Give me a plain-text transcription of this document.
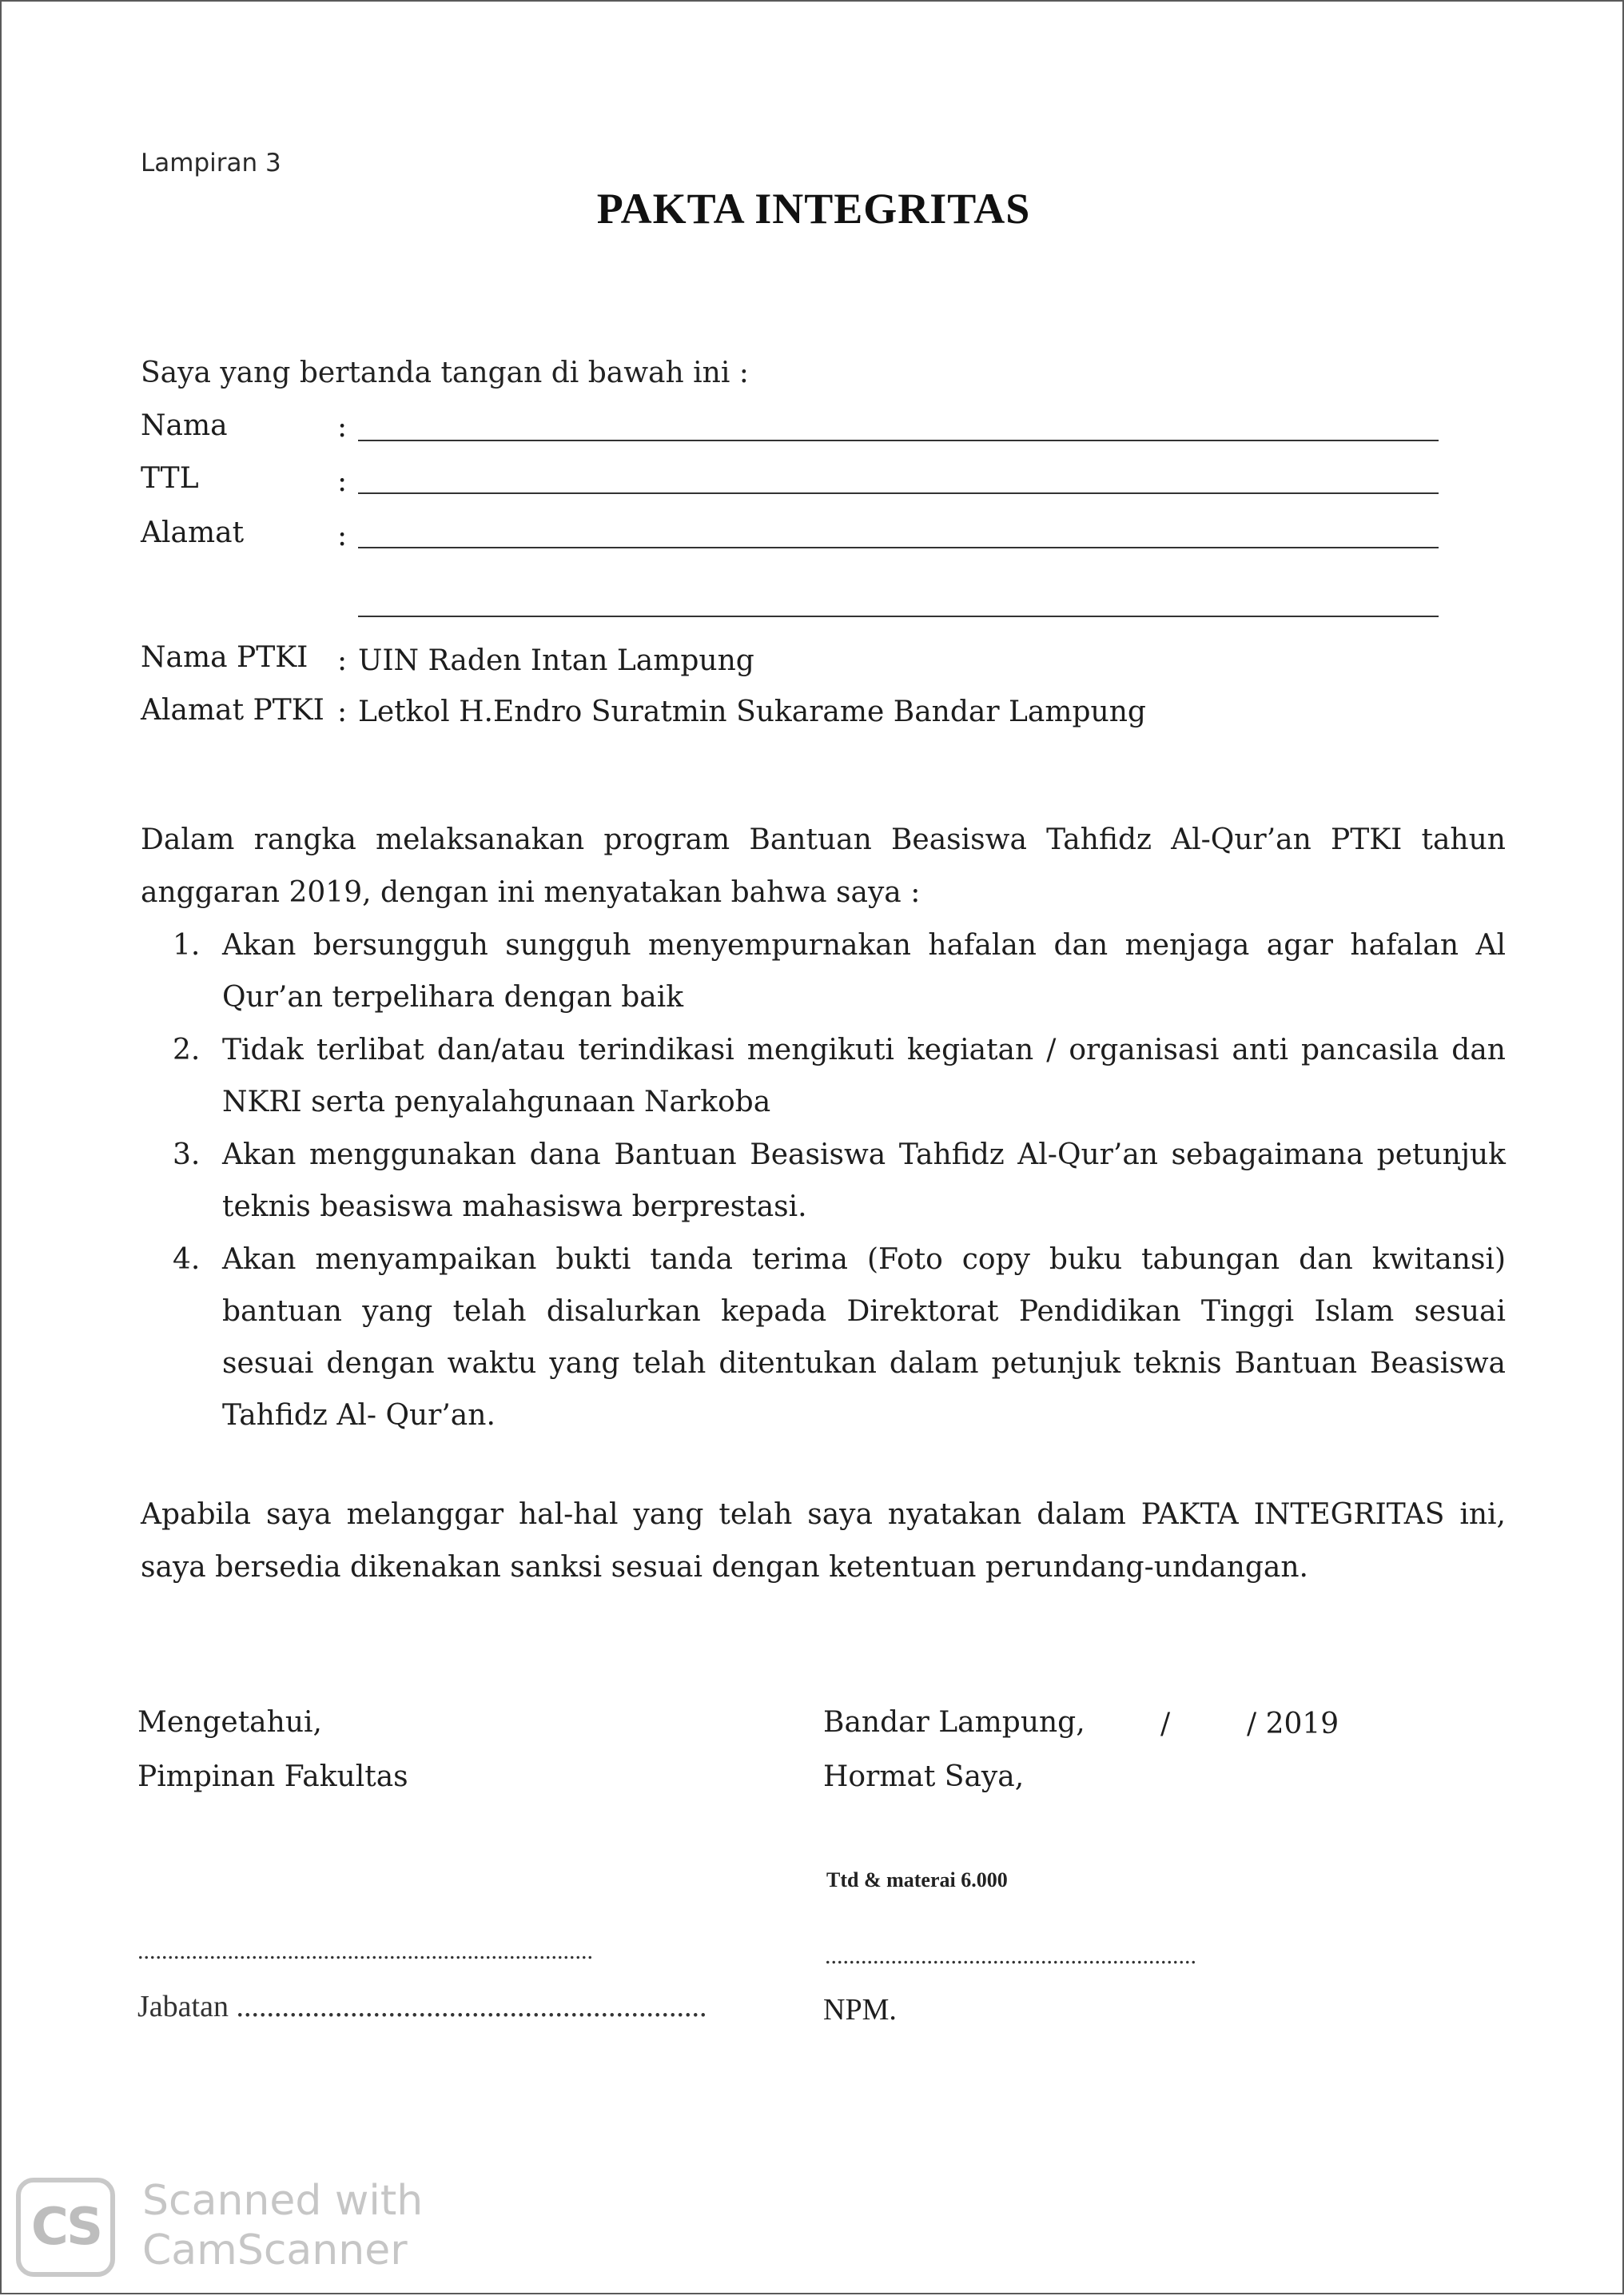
Lampiran 3
PAKTA INTEGRITAS
Saya yang bertanda tangan di bawah ini :
Nama	:
TTL	:
Alamat	:
Nama PTKI : UIN Raden Intan Lampung
Alamat PTKI : Letkol H.Endro Suratmin Sukarame Bandar Lampung
Dalam rangka melaksanakan program Bantuan Beasiswa Tahfidz Al-Qur’an PTKI tahun anggaran 2019, dengan ini menyatakan bahwa saya :
1. Akan bersungguh sungguh menyempurnakan hafalan dan menjaga agar hafalan Al Qur’an terpelihara dengan baik
2. Tidak terlibat dan/atau terindikasi mengikuti kegiatan / organisasi anti pancasila dan NKRI serta penyalahgunaan Narkoba
3. Akan menggunakan dana Bantuan Beasiswa Tahfidz Al-Qur’an sebagaimana petunjuk teknis beasiswa mahasiswa berprestasi.
4. Akan menyampaikan bukti tanda terima (Foto copy buku tabungan dan kwitansi) bantuan yang telah disalurkan kepada Direktorat Pendidikan Tinggi Islam sesuai sesuai dengan waktu yang telah ditentukan dalam petunjuk teknis Bantuan Beasiswa Tahfidz Al- Qur’an.
Apabila saya melanggar hal-hal yang telah saya nyatakan dalam PAKTA INTEGRITAS ini, saya bersedia dikenakan sanksi sesuai dengan ketentuan perundang-undangan.
Mengetahui,
Pimpinan Fakultas
Bandar Lampung,	/	/ 2019
Hormat Saya,
Ttd & materai 6.000
............................................................................
Jabatan ..............................................................
..............................................................
NPM.
CS Scanned with
CamScanner
